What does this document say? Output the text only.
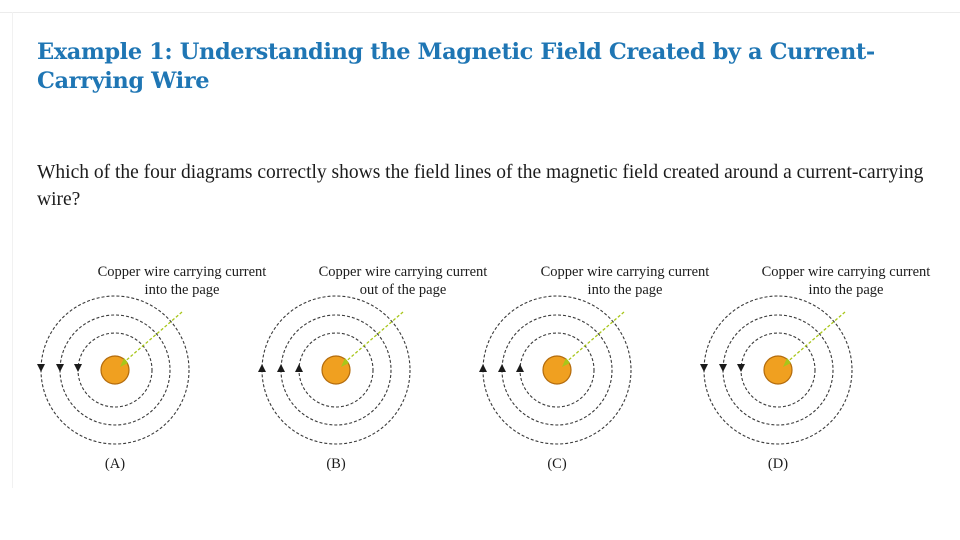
Example 1: Understanding the Magnetic Field Created by a Current-Carrying Wire

Which of the four diagrams correctly shows the field lines of the magnetic field created around a current-carrying wire?

Copper wire carrying current
into the page
(A)
Copper wire carrying current
out of the page
(B)
Copper wire carrying current
into the page
(C)
Copper wire carrying current
into the page
(D)
